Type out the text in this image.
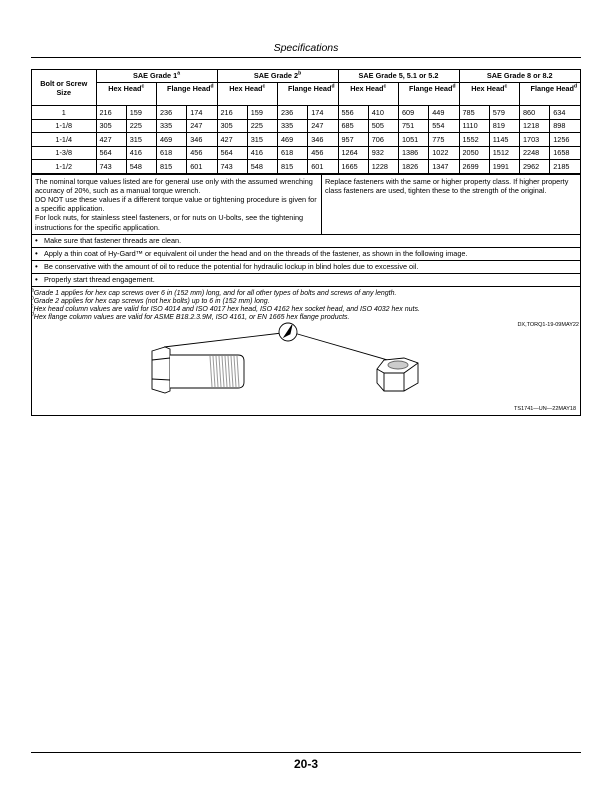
Specifications
Bolt or Screw Size	SAE Grade 1$^a$				SAE Grade 2$^b$				SAE Grade 5, 5.1 or 5.2				SAE Grade 8 or 8.2			
	Hex Head$^c$		Flange Head$^d$		Hex Head$^c$		Flange Head$^d$		Hex Head$^c$		Flange Head$^d$		Hex Head$^c$		Flange Head$^d$
1	216	159	236	174	216	159	236	174	556	410	609	449	785	579	860	634
1-1/8	305	225	335	247	305	225	335	247	685	505	751	554	1110	819	1218	898
1-1/4	427	315	469	346	427	315	469	346	957	706	1051	775	1552	1145	1703	1256
1-3/8	564	416	618	456	564	416	618	456	1264	932	1386	1022	2050	1512	2248	1658
1-1/2	743	548	815	601	743	548	815	601	1665	1228	1826	1347	2699	1991	2962	2185
The nominal torque values listed are for general use only with the assumed wrenching accuracy of 20%, such as a manual torque wrench.
DO NOT use these values if a different torque value or tightening procedure is given for a specific application.
For lock nuts, for stainless steel fasteners, or for nuts on U-bolts, see the tightening instructions for the specific application.
Replace fasteners with the same or higher property class. If higher property class fasteners are used, tighten these to the strength of the original.
• Make sure that fastener threads are clean.
• Apply a thin coat of Hy-Gard™ or equivalent oil under the head and on the threads of the fastener, as shown in the following image.
• Be conservative with the amount of oil to reduce the potential for hydraulic lockup in blind holes due to excessive oil.
• Properly start thread engagement.
TS1741—UN—22MAY18
$^a$Grade 1 applies for hex cap screws over 6 in (152 mm) long, and for all other types of bolts and screws of any length.
$^b$Grade 2 applies for hex cap screws (not hex bolts) up to 6 in (152 mm) long.
$^c$Hex head column values are valid for ISO 4014 and ISO 4017 hex head, ISO 4162 hex socket head, and ISO 4032 hex nuts.
$^d$Hex flange column values are valid for ASME B18.2.3.9M, ISO 4161, or EN 1665 hex flange products.
DX,TORQ1-19-09MAY22
20-3
